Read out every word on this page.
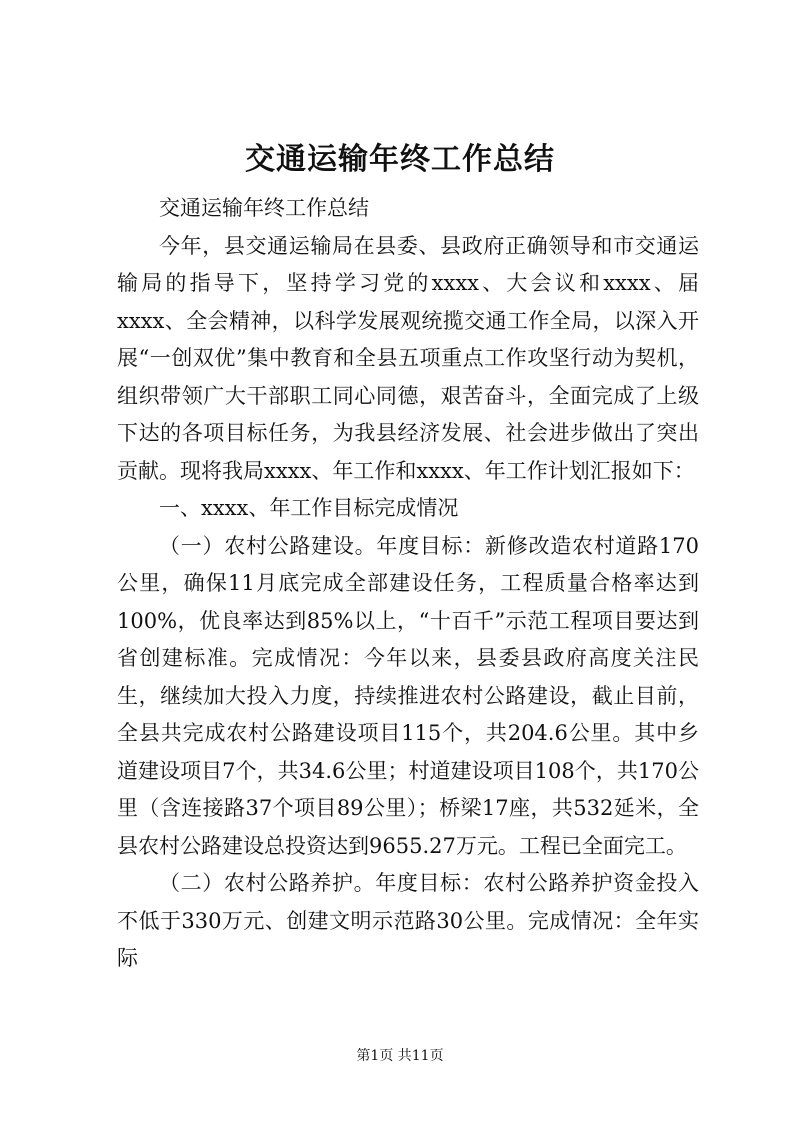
交通运输年终工作总结

交通运输年终工作总结

今年，县交通运输局在县委、县政府正确领导和市交通运输局的指导下，坚持学习党的xxxx、大会议和xxxx、届xxxx、全会精神，以科学发展观统揽交通工作全局，以深入开展“一创双优”集中教育和全县五项重点工作攻坚行动为契机，组织带领广大干部职工同心同德，艰苦奋斗，全面完成了上级下达的各项目标任务，为我县经济发展、社会进步做出了突出贡献。现将我局xxxx、年工作和xxxx、年工作计划汇报如下：

一、xxxx、年工作目标完成情况

（一）农村公路建设。年度目标：新修改造农村道路170公里，确保11月底完成全部建设任务，工程质量合格率达到100%，优良率达到85%以上，“十百千”示范工程项目要达到省创建标准。完成情况：今年以来，县委县政府高度关注民生，继续加大投入力度，持续推进农村公路建设，截止目前，全县共完成农村公路建设项目115个，共204.6公里。其中乡道建设项目7个，共34.6公里；村道建设项目108个，共170公里（含连接路37个项目89公里）；桥梁17座，共532延米，全县农村公路建设总投资达到9655.27万元。工程已全面完工。

（二）农村公路养护。年度目标：农村公路养护资金投入不低于330万元、创建文明示范路30公里。完成情况：全年实际

第1页 共11页
